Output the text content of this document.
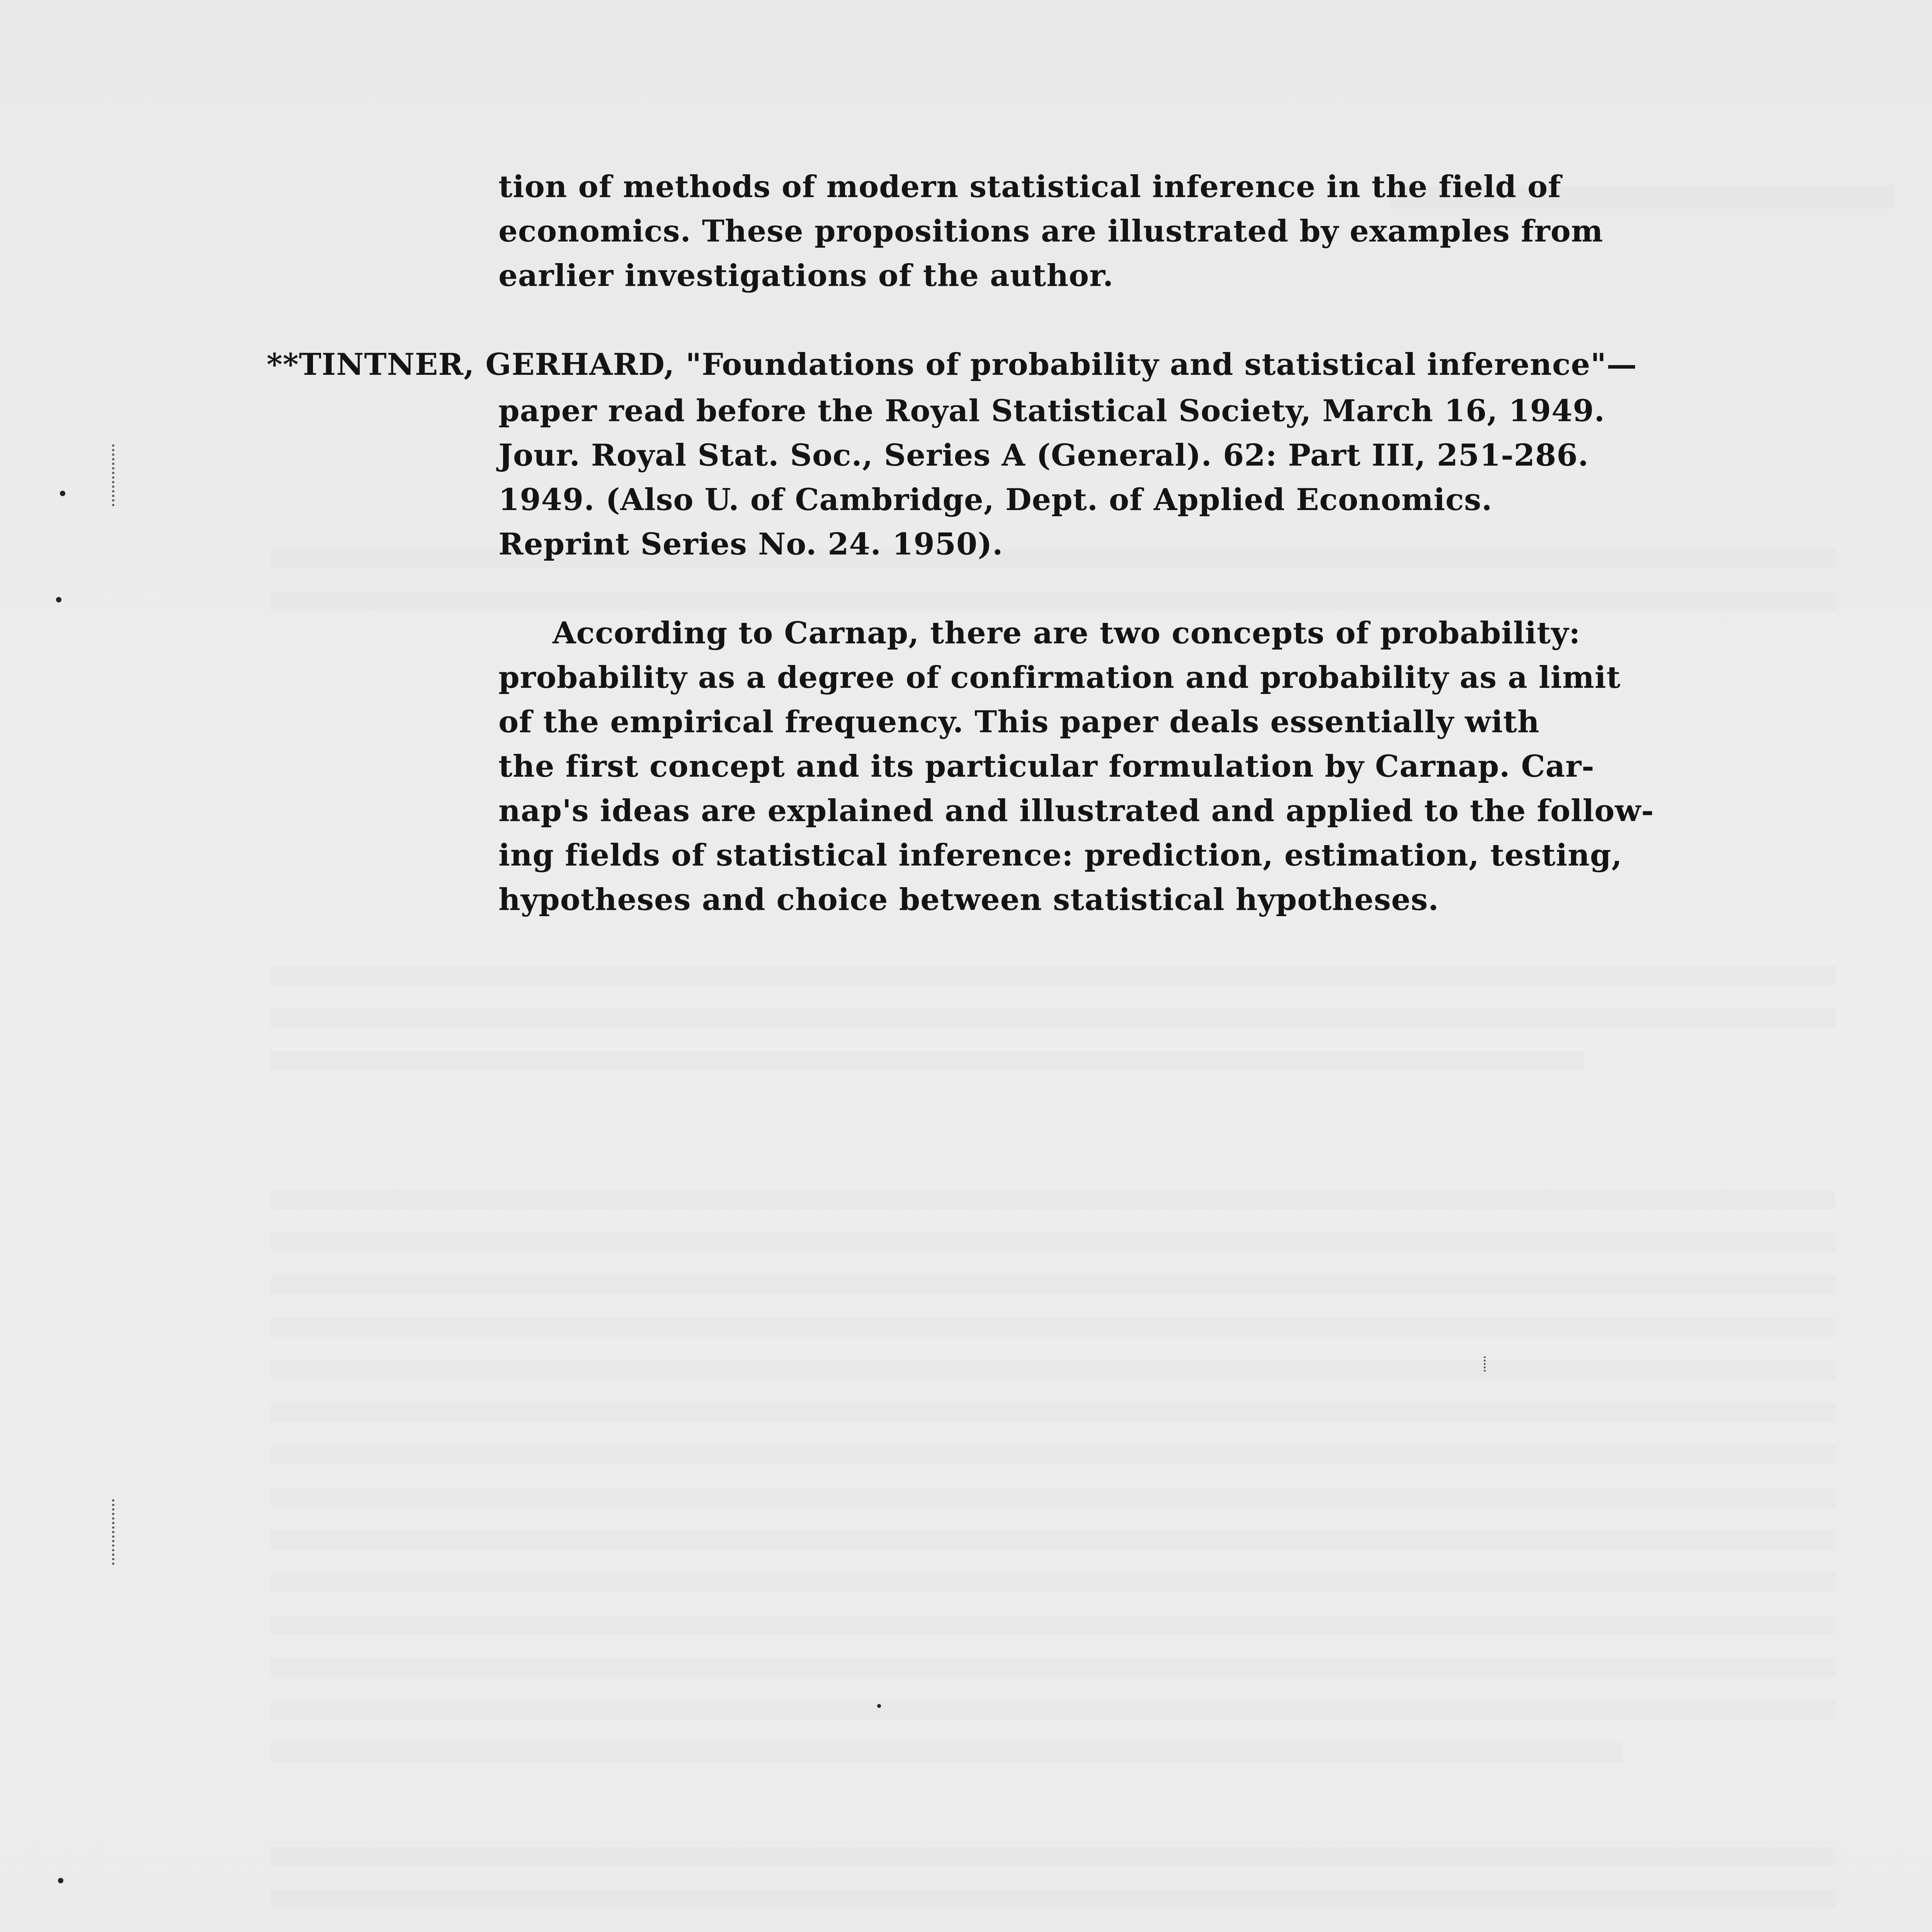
tion of methods of modern statistical inference in the field of
economics. These propositions are illustrated by examples from
earlier investigations of the author.
**TINTNER, GERHARD, "Foundations of probability and statistical inference"—
paper read before the Royal Statistical Society, March 16, 1949.
Jour. Royal Stat. Soc., Series A (General). 62: Part III, 251-286.
1949. (Also U. of Cambridge, Dept. of Applied Economics.
Reprint Series No. 24. 1950).
According to Carnap, there are two concepts of probability:
probability as a degree of confirmation and probability as a limit
of the empirical frequency. This paper deals essentially with
the first concept and its particular formulation by Carnap. Car-
nap's ideas are explained and illustrated and applied to the follow-
ing fields of statistical inference: prediction, estimation, testing,
hypotheses and choice between statistical hypotheses.
